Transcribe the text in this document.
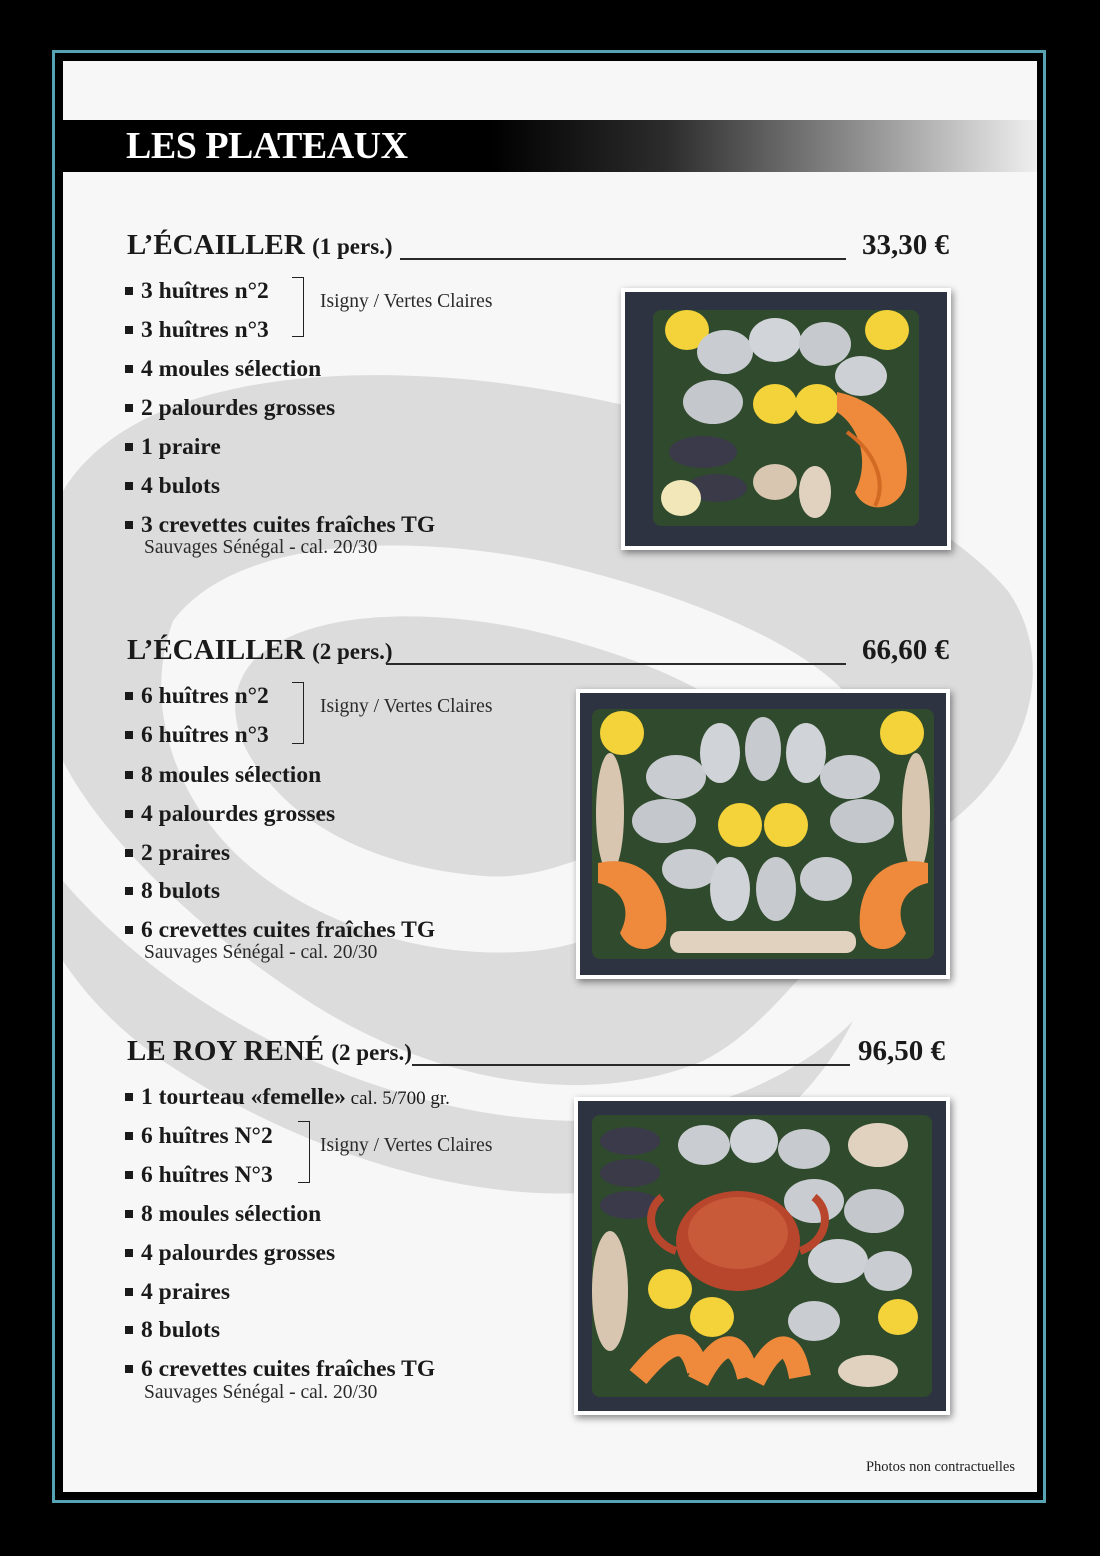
LES PLATEAUX
L’ÉCAILLER (1 pers.)	33,30 €
3 huîtres n°2
3 huîtres n°3
4 moules sélection
2 palourdes grosses
1 praire
4 bulots
3 crevettes cuites fraîches TG
Isigny / Vertes Claires
Sauvages Sénégal - cal. 20/30
L’ÉCAILLER (2 pers.)	66,60 €
6 huîtres n°2
6 huîtres n°3
8 moules sélection
4 palourdes grosses
2 praires
8 bulots
6 crevettes cuites fraîches TG
Isigny / Vertes Claires
Sauvages Sénégal - cal. 20/30
LE ROY RENÉ (2 pers.)	96,50 €
1 tourteau «femelle» cal. 5/700 gr.
6 huîtres N°2
6 huîtres N°3
8 moules sélection
4 palourdes grosses
4 praires
8 bulots
6 crevettes cuites fraîches TG
Isigny / Vertes Claires
Sauvages Sénégal - cal. 20/30
Photos non contractuelles
